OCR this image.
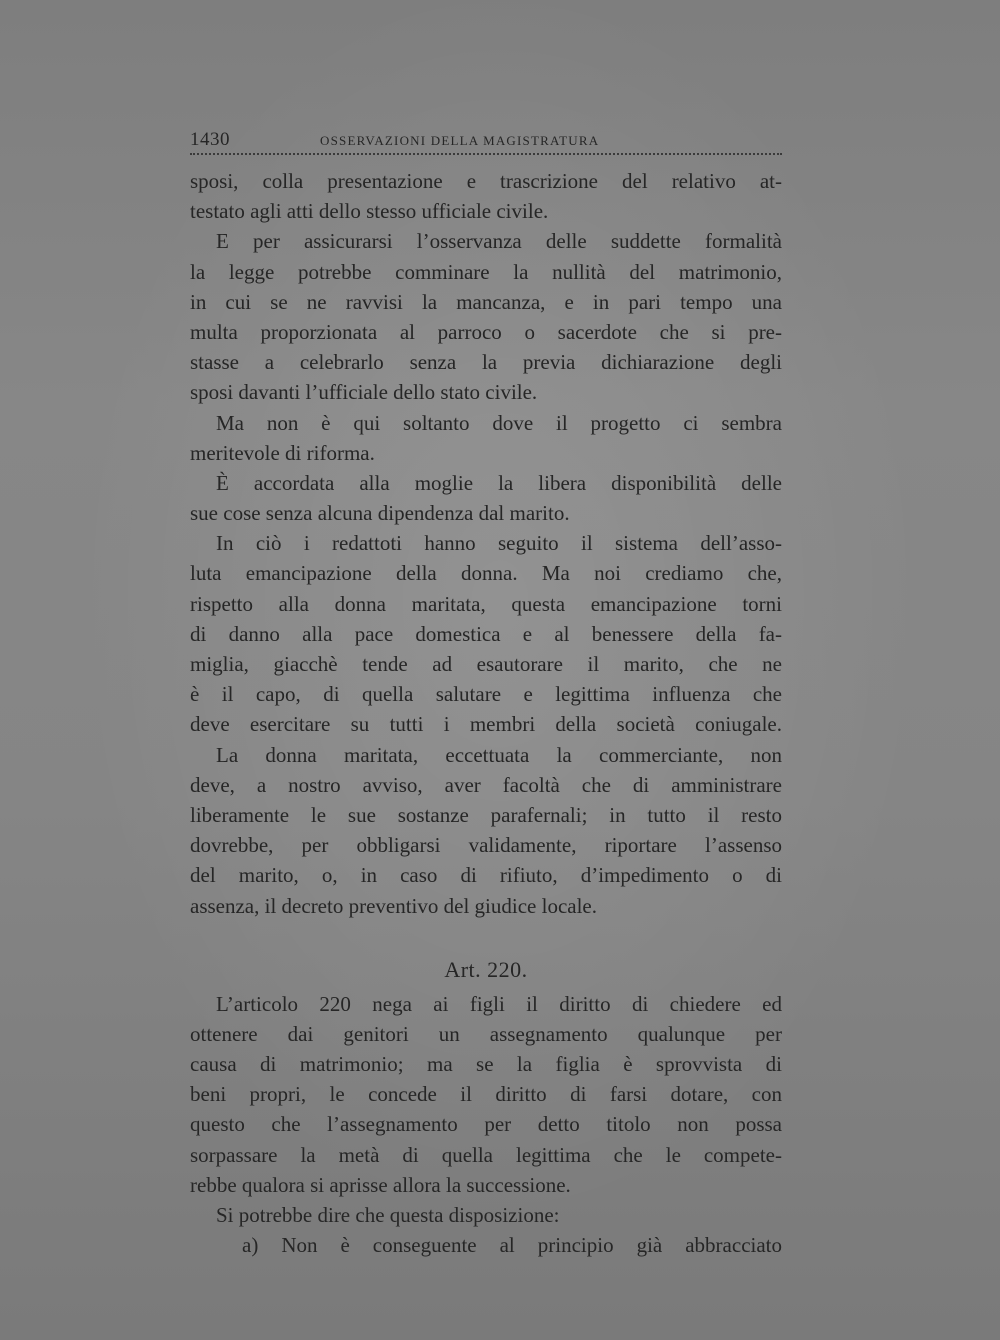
1430	OSSERVAZIONI DELLA MAGISTRATURA
sposi, colla presentazione e trascrizione del relativo at-
testato agli atti dello stesso ufficiale civile.
E per assicurarsi l’osservanza delle suddette formalità
la legge potrebbe comminare la nullità del matrimonio,
in cui se ne ravvisi la mancanza, e in pari tempo una
multa proporzionata al parroco o sacerdote che si pre-
stasse a celebrarlo senza la previa dichiarazione degli
sposi davanti l’ufficiale dello stato civile.
Ma non è qui soltanto dove il progetto ci sembra
meritevole di riforma.
È accordata alla moglie la libera disponibilità delle
sue cose senza alcuna dipendenza dal marito.
In ciò i redattoti hanno seguito il sistema dell’asso-
luta emancipazione della donna. Ma noi crediamo che,
rispetto alla donna maritata, questa emancipazione torni
di danno alla pace domestica e al benessere della fa-
miglia, giacchè tende ad esautorare il marito, che ne
è il capo, di quella salutare e legittima influenza che
deve esercitare su tutti i membri della società coniugale.
La donna maritata, eccettuata la commerciante, non
deve, a nostro avviso, aver facoltà che di amministrare
liberamente le sue sostanze parafernali; in tutto il resto
dovrebbe, per obbligarsi validamente, riportare l’assenso
del marito, o, in caso di rifiuto, d’impedimento o di
assenza, il decreto preventivo del giudice locale.
Art. 220.
L’articolo 220 nega ai figli il diritto di chiedere ed
ottenere dai genitori un assegnamento qualunque per
causa di matrimonio; ma se la figlia è sprovvista di
beni propri, le concede il diritto di farsi dotare, con
questo che l’assegnamento per detto titolo non possa
sorpassare la metà di quella legittima che le compete-
rebbe qualora si aprisse allora la successione.
Si potrebbe dire che questa disposizione:
a) Non è conseguente al principio già abbracciato
